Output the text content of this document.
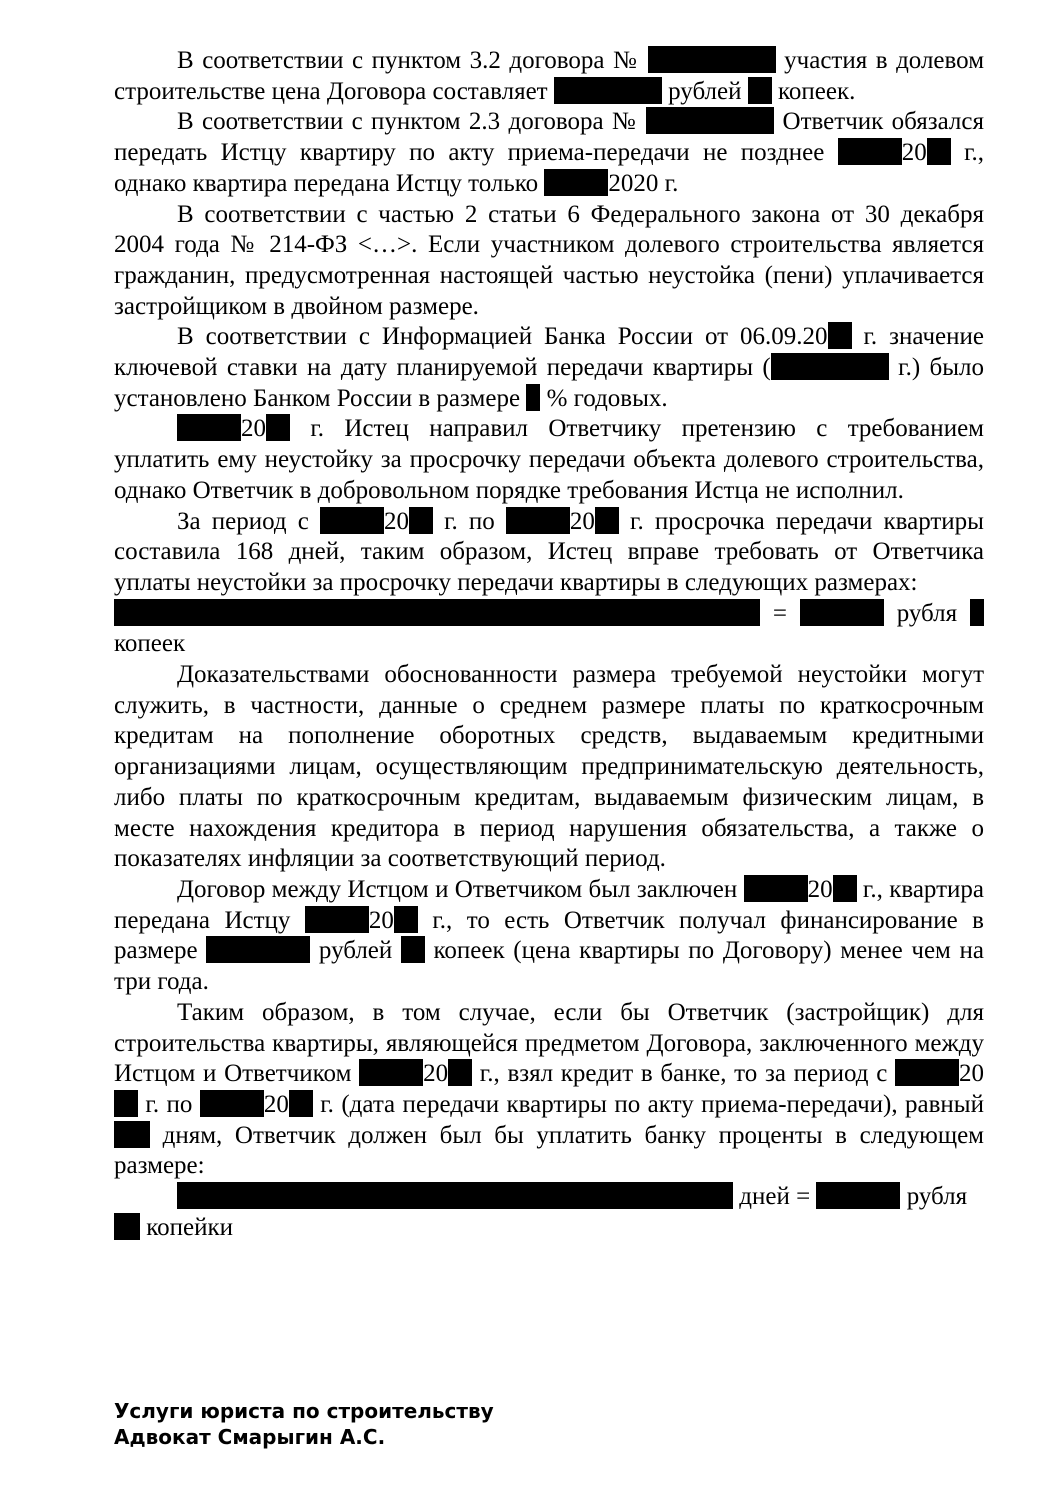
В соответствии с пунктом 3.2 договора №	участия в долевом строительстве цена Договора составляет	рублей  копеек.

В соответствии с пунктом 2.3 договора №	Ответчик обязался передать Истцу квартиру по акту приема-передачи не позднее	20 г., однако квартира передана Истцу только	2020 г.

В соответствии с частью 2 статьи 6 Федерального закона от 30 декабря 2004 года № 214-ФЗ <…>. Если участником долевого строительства является гражданин, предусмотренная настоящей частью неустойка (пени) уплачивается застройщиком в двойном размере.

В соответствии с Информацией Банка России от 06.09.20 г. значение ключевой ставки на дату планируемой передачи квартиры (	г.) было установлено Банком России в размере  % годовых.

20 г. Истец направил Ответчику претензию с требованием уплатить ему неустойку за просрочку передачи объекта долевого строительства, однако Ответчик в добровольном порядке требования Истца не исполнил.

За период с	20 г. по	20 г. просрочка передачи квартиры составила 168 дней, таким образом, Истец вправе требовать от Ответчика уплаты неустойки за просрочку передачи квартиры в следующих размерах:

=	рубля  копеек

Доказательствами обоснованности размера требуемой неустойки могут служить, в частности, данные о среднем размере платы по краткосрочным кредитам на пополнение оборотных средств, выдаваемым кредитными организациями лицам, осуществляющим предпринимательскую деятельность, либо платы по краткосрочным кредитам, выдаваемым физическим лицам, в месте нахождения кредитора в период нарушения обязательства, а также о показателях инфляции за соответствующий период.

Договор между Истцом и Ответчиком был заключен	20 г., квартира передана Истцу	20 г., то есть Ответчик получал финансирование в размере	рублей  копеек (цена квартиры по Договору) менее чем на три года.

Таким образом, в том случае, если бы Ответчик (застройщик) для строительства квартиры, являющейся предметом Договора, заключенного между Истцом и Ответчиком	20 г., взял кредит в банке, то за период с	20 г. по	20 г. (дата передачи квартиры по акту приема-передачи), равный  дням, Ответчик должен был бы уплатить банку проценты в следующем размере:

дней =	рубля
копейки

Услуги юриста по строительству
Адвокат Смарыгин А.С.
